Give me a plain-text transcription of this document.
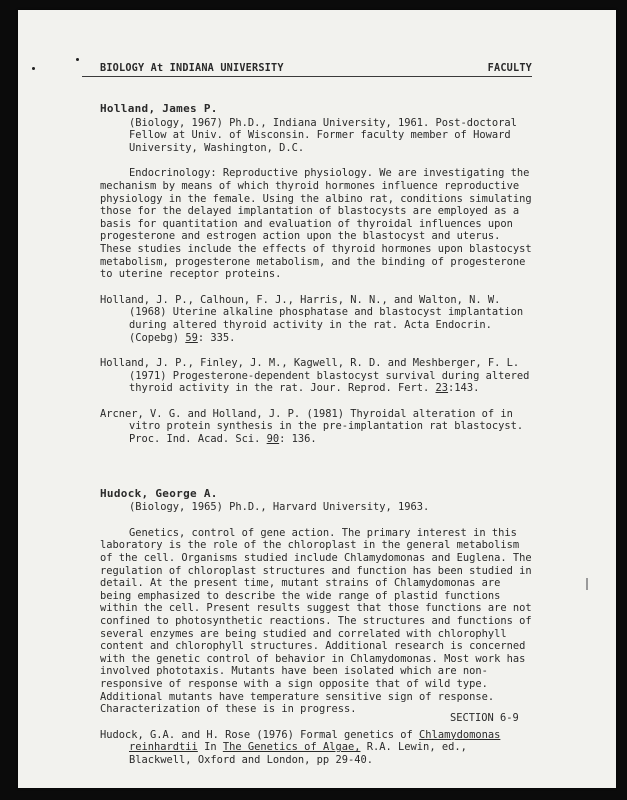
BIOLOGY At INDIANA UNIVERSITY	FACULTY
Holland, James P.
(Biology, 1967) Ph.D., Indiana University, 1961. Post-doctoral Fellow at Univ. of Wisconsin. Former faculty member of Howard University, Washington, D.C.
Endocrinology: Reproductive physiology. We are investigating the mechanism by means of which thyroid hormones influence reproductive physiology in the female. Using the albino rat, conditions simulating those for the delayed implantation of blastocysts are employed as a basis for quantitation and evaluation of thyroidal influences upon progesterone and estrogen action upon the blastocyst and uterus. These studies include the effects of thyroid hormones upon blastocyst metabolism, progesterone metabolism, and the binding of progesterone to uterine receptor proteins.
Holland, J. P., Calhoun, F. J., Harris, N. N., and Walton, N. W. (1968) Uterine alkaline phosphatase and blastocyst implantation during altered thyroid activity in the rat. Acta Endocrin. (Copebg) 59: 335.
Holland, J. P., Finley, J. M., Kagwell, R. D. and Meshberger, F. L. (1971) Progesterone-dependent blastocyst survival during altered thyroid activity in the rat. Jour. Reprod. Fert. 23:143.
Arcner, V. G. and Holland, J. P. (1981) Thyroidal alteration of in vitro protein synthesis in the pre-implantation rat blastocyst. Proc. Ind. Acad. Sci. 90: 136.
Hudock, George A.
(Biology, 1965) Ph.D., Harvard University, 1963.
Genetics, control of gene action. The primary interest in this laboratory is the role of the chloroplast in the general metabolism of the cell. Organisms studied include Chlamydomonas and Euglena. The regulation of chloroplast structures and function has been studied in detail. At the present time, mutant strains of Chlamydomonas are being emphasized to describe the wide range of plastid functions within the cell. Present results suggest that those functions are not confined to photosynthetic reactions. The structures and functions of several enzymes are being studied and correlated with chlorophyll content and chlorophyll structures. Additional research is concerned with the genetic control of behavior in Chlamydomonas. Most work has involved phototaxis. Mutants have been isolated which are non-responsive of response with a sign opposite that of wild type. Additional mutants have temperature sensitive sign of response. Characterization of these is in progress.
Hudock, G.A. and H. Rose (1976) Formal genetics of Chlamydomonas reinhardtii In The Genetics of Algae, R.A. Lewin, ed., Blackwell, Oxford and London, pp 29-40.
SECTION 6-9
